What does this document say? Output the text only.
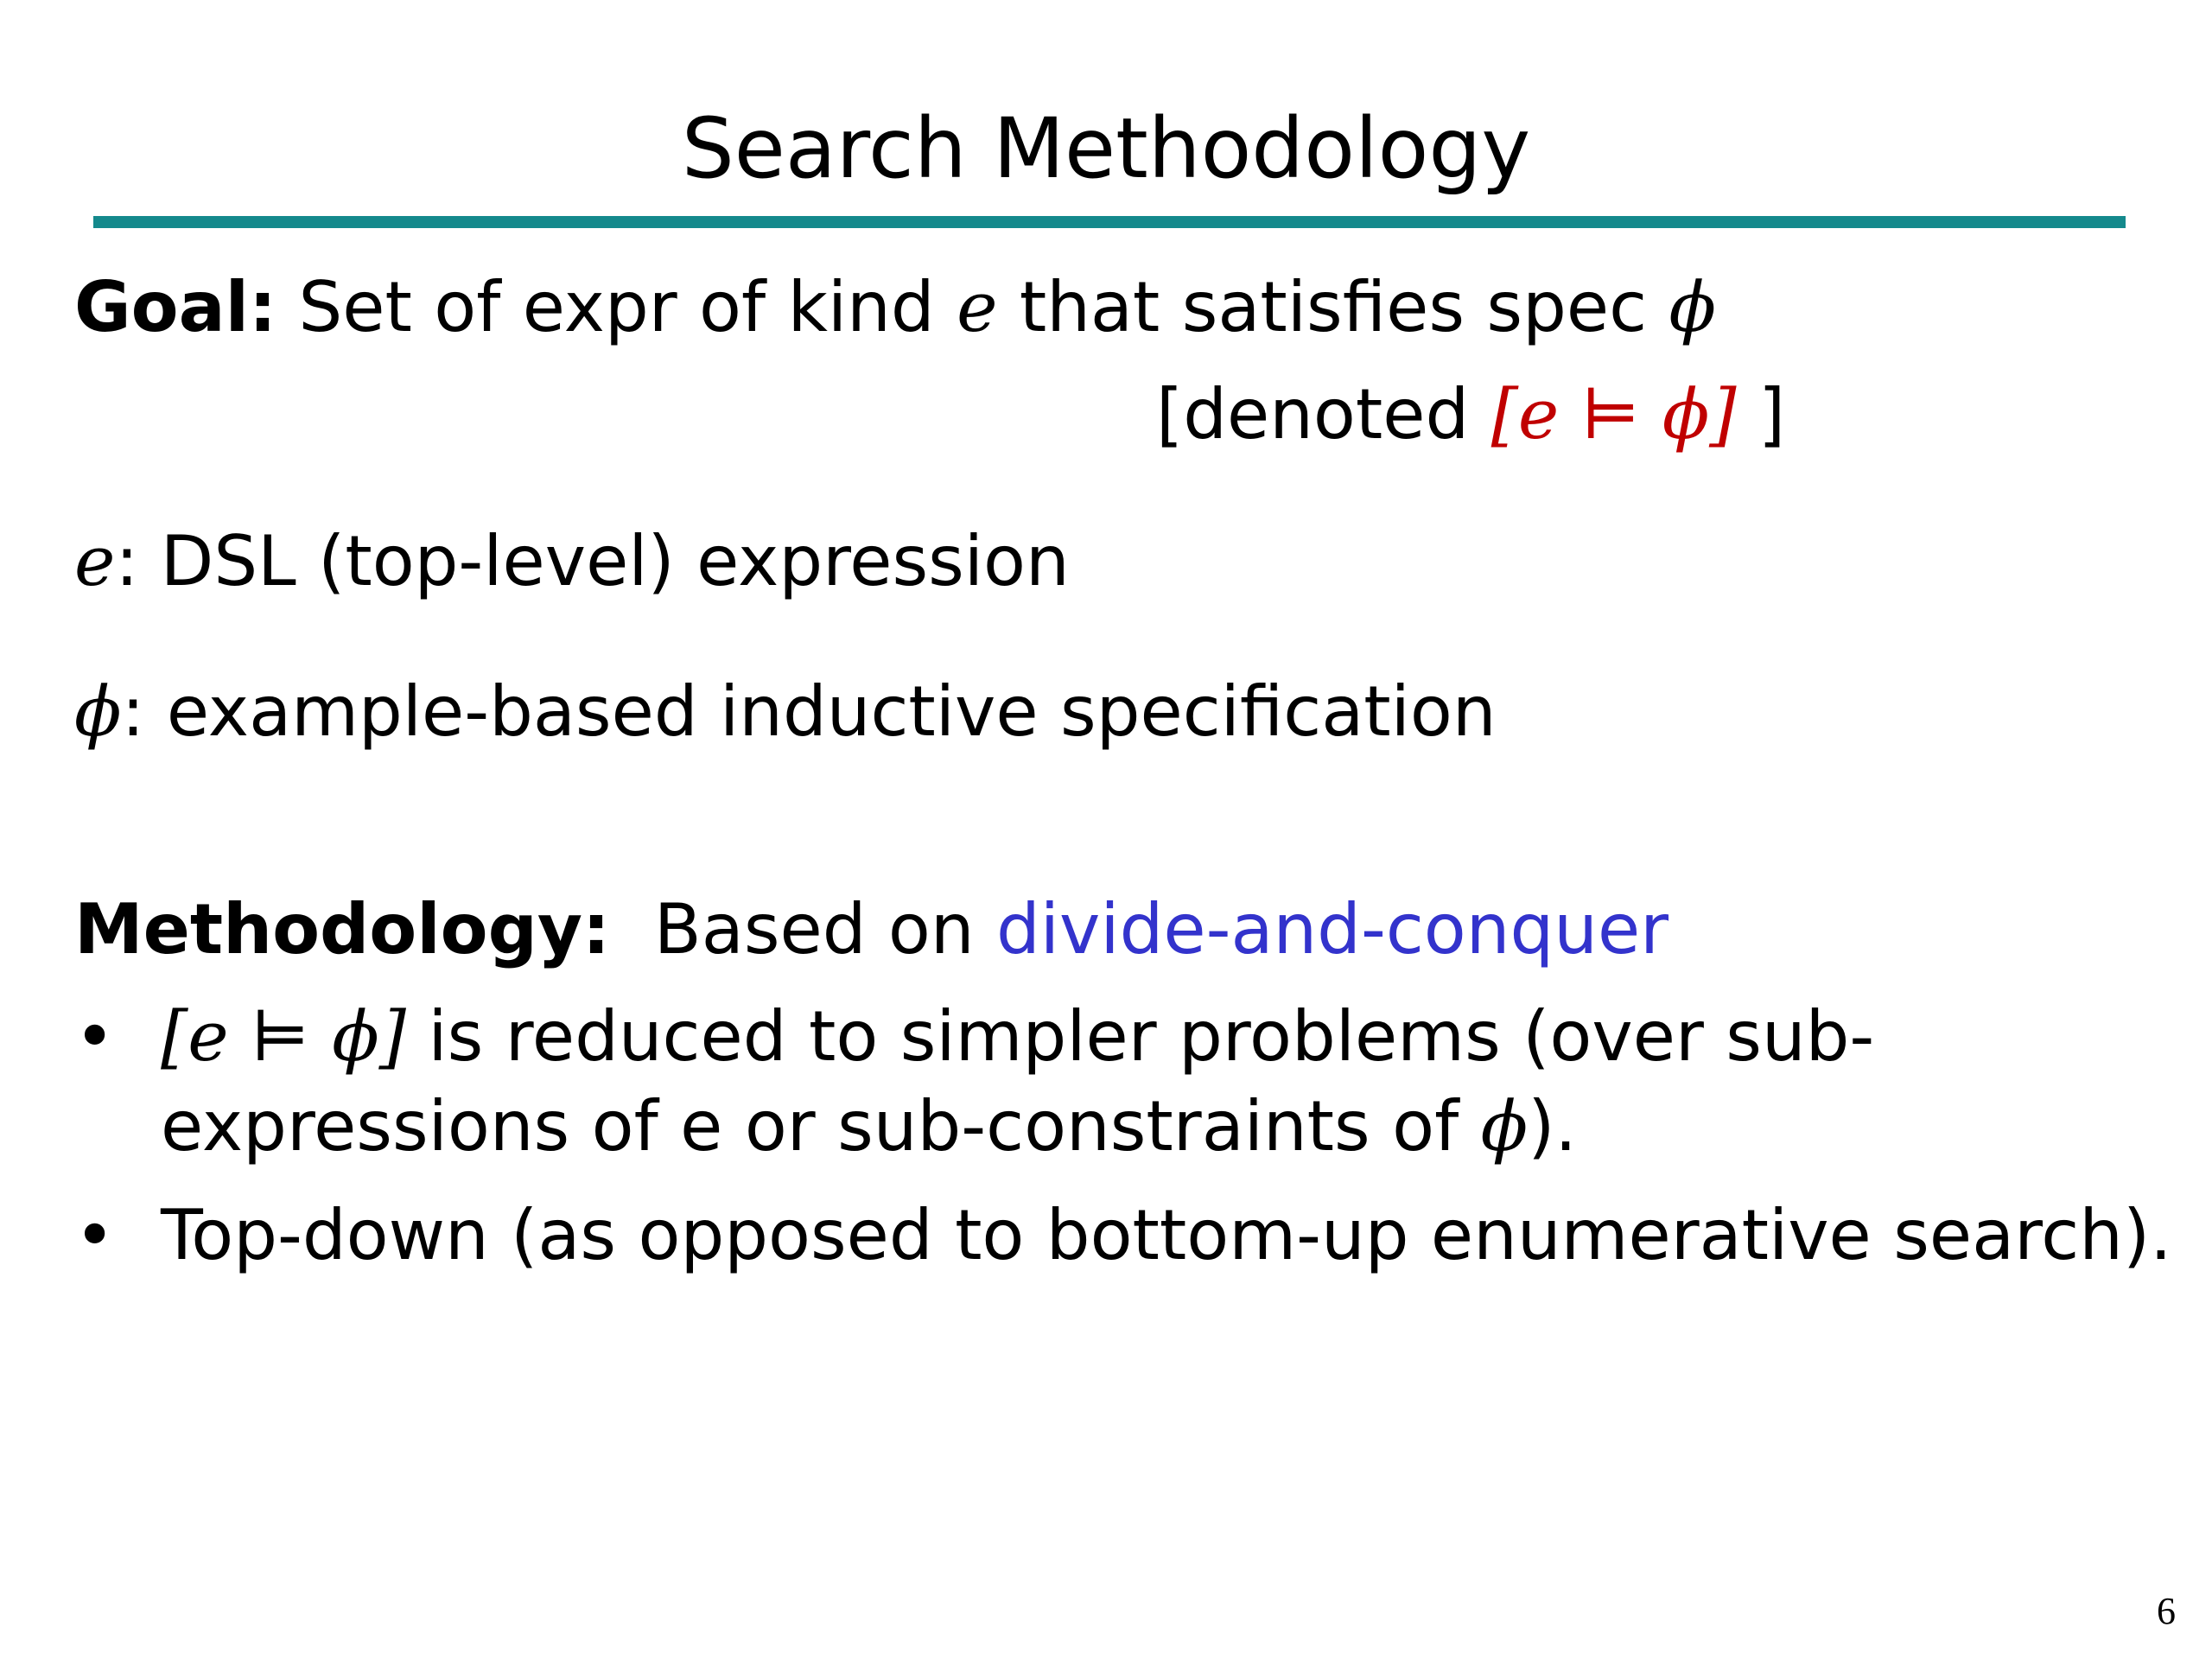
Search Methodology
Goal: Set of expr of kind e that satisfies spec ϕ
[denoted [e ⊨ ϕ] ]
e: DSL (top-level) expression
ϕ: example-based inductive specification
Methodology:  Based on divide-and-conquer
• [e ⊨ ϕ] is reduced to simpler problems (over sub-
expressions of e or sub-constraints of ϕ).
• Top-down (as opposed to bottom-up enumerative search).
6
